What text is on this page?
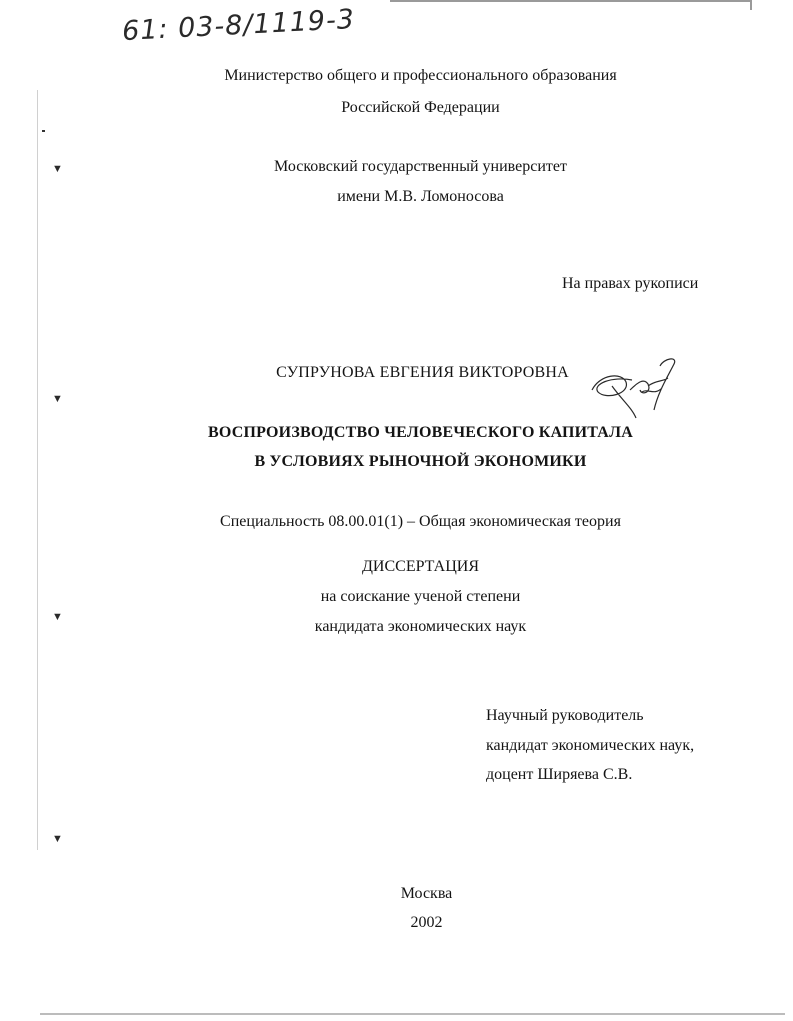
▼
▼
▼
▼
61: 03-8/1119-3
Министерство общего и профессионального образования
Российской Федерации
Московский государственный университет
имени М.В. Ломоносова
На правах рукописи
СУПРУНОВА ЕВГЕНИЯ ВИКТОРОВНА
ВОСПРОИЗВОДСТВО ЧЕЛОВЕЧЕСКОГО КАПИТАЛА
В УСЛОВИЯХ РЫНОЧНОЙ ЭКОНОМИКИ
Специальность 08.00.01(1) – Общая экономическая теория
ДИССЕРТАЦИЯ
на соискание ученой степени
кандидата экономических наук
Научный руководитель
кандидат экономических наук,
доцент Ширяева С.В.
Москва
2002
